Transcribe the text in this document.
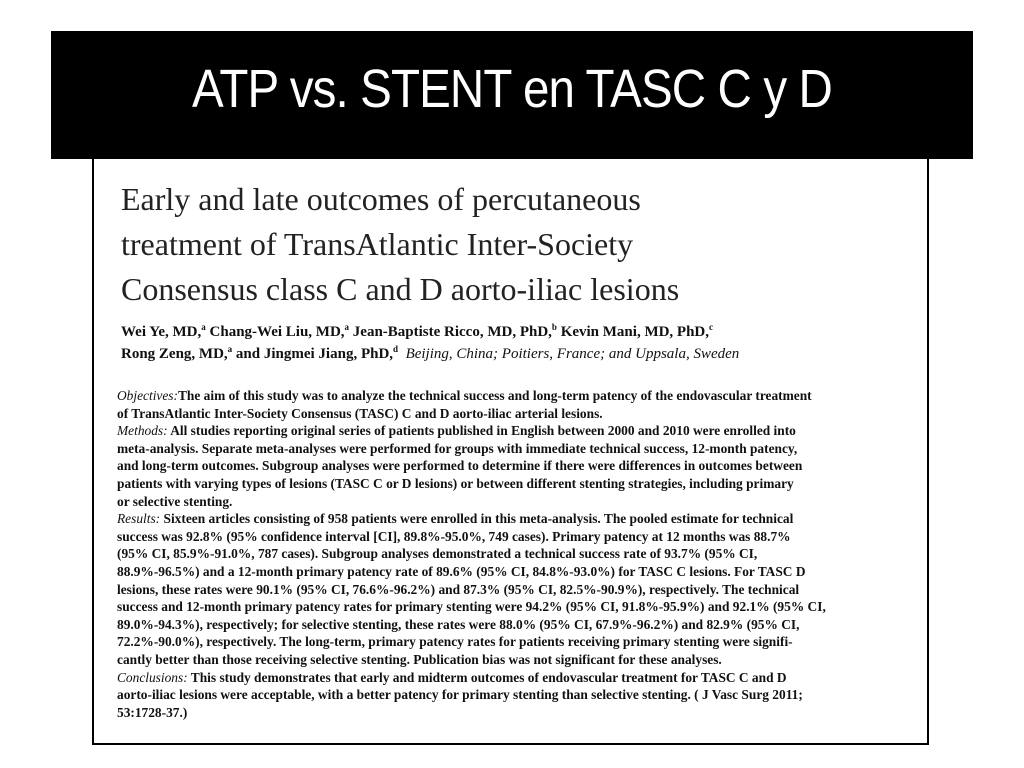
ATP vs. STENT en TASC C y D
Early and late outcomes of percutaneous
treatment of TransAtlantic Inter-Society
Consensus class C and D aorto-iliac lesions
Wei Ye, MD,$^a$ Chang-Wei Liu, MD,$^a$ Jean-Baptiste Ricco, MD, PhD,$^b$ Kevin Mani, MD, PhD,$^c$
Rong Zeng, MD,$^a$ and Jingmei Jiang, PhD,$^d$ Beijing, China; Poitiers, France; and Uppsala, Sweden
Objectives:The aim of this study was to analyze the technical success and long-term patency of the endovascular treatment
of TransAtlantic Inter-Society Consensus (TASC) C and D aorto-iliac arterial lesions.
Methods: All studies reporting original series of patients published in English between 2000 and 2010 were enrolled into
meta-analysis. Separate meta-analyses were performed for groups with immediate technical success, 12-month patency,
and long-term outcomes. Subgroup analyses were performed to determine if there were differences in outcomes between
patients with varying types of lesions (TASC C or D lesions) or between different stenting strategies, including primary
or selective stenting.
Results: Sixteen articles consisting of 958 patients were enrolled in this meta-analysis. The pooled estimate for technical
success was 92.8% (95% confidence interval [CI], 89.8%-95.0%, 749 cases). Primary patency at 12 months was 88.7%
(95% CI, 85.9%-91.0%, 787 cases). Subgroup analyses demonstrated a technical success rate of 93.7% (95% CI,
88.9%-96.5%) and a 12-month primary patency rate of 89.6% (95% CI, 84.8%-93.0%) for TASC C lesions. For TASC D
lesions, these rates were 90.1% (95% CI, 76.6%-96.2%) and 87.3% (95% CI, 82.5%-90.9%), respectively. The technical
success and 12-month primary patency rates for primary stenting were 94.2% (95% CI, 91.8%-95.9%) and 92.1% (95% CI,
89.0%-94.3%), respectively; for selective stenting, these rates were 88.0% (95% CI, 67.9%-96.2%) and 82.9% (95% CI,
72.2%-90.0%), respectively. The long-term, primary patency rates for patients receiving primary stenting were signifi-
cantly better than those receiving selective stenting. Publication bias was not significant for these analyses.
Conclusions: This study demonstrates that early and midterm outcomes of endovascular treatment for TASC C and D
aorto-iliac lesions were acceptable, with a better patency for primary stenting than selective stenting. ( J Vasc Surg 2011;
53:1728-37.)
